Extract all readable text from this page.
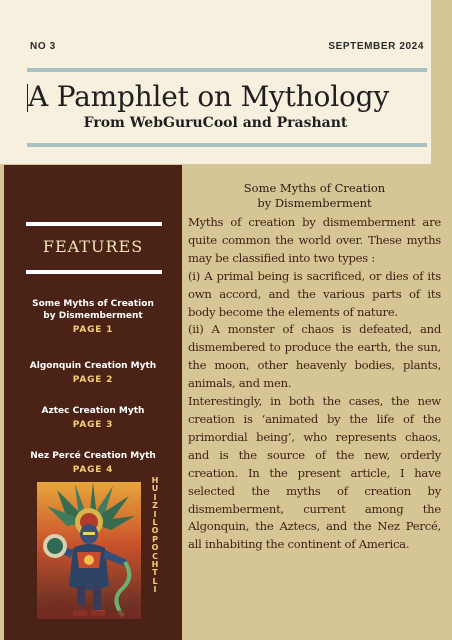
NO 3	SEPTEMBER 2024
A Pamphlet on Mythology
From WebGuruCool and Prashant
FEATURES
Some Myths of Creation by Dismemberment
PAGE 1
Algonquin Creation Myth
PAGE 2
Aztec Creation Myth
PAGE 3
Nez Percé Creation Myth
PAGE 4
H
U
I
Z
I
L
O
P
O
C
H
T
L
I
Some Myths of Creation
by Dismemberment

Myths of creation by dismemberment are quite common the world over. These myths may be classified into two types :

(i) A primal being is sacrificed, or dies of its own accord, and the various parts of its body become the elements of nature.

(ii) A monster of chaos is defeated, and dismembered to produce the earth, the sun, the moon, other heavenly bodies, plants, animals, and men.

Interestingly, in both the cases, the new creation is ‘animated by the life of the primordial being’, who represents chaos, and is the source of the new, orderly creation. In the present article, I have selected the myths of creation by dismemberment, current among the Algonquin, the Aztecs, and the Nez Percé, all inhabiting the continent of America.
